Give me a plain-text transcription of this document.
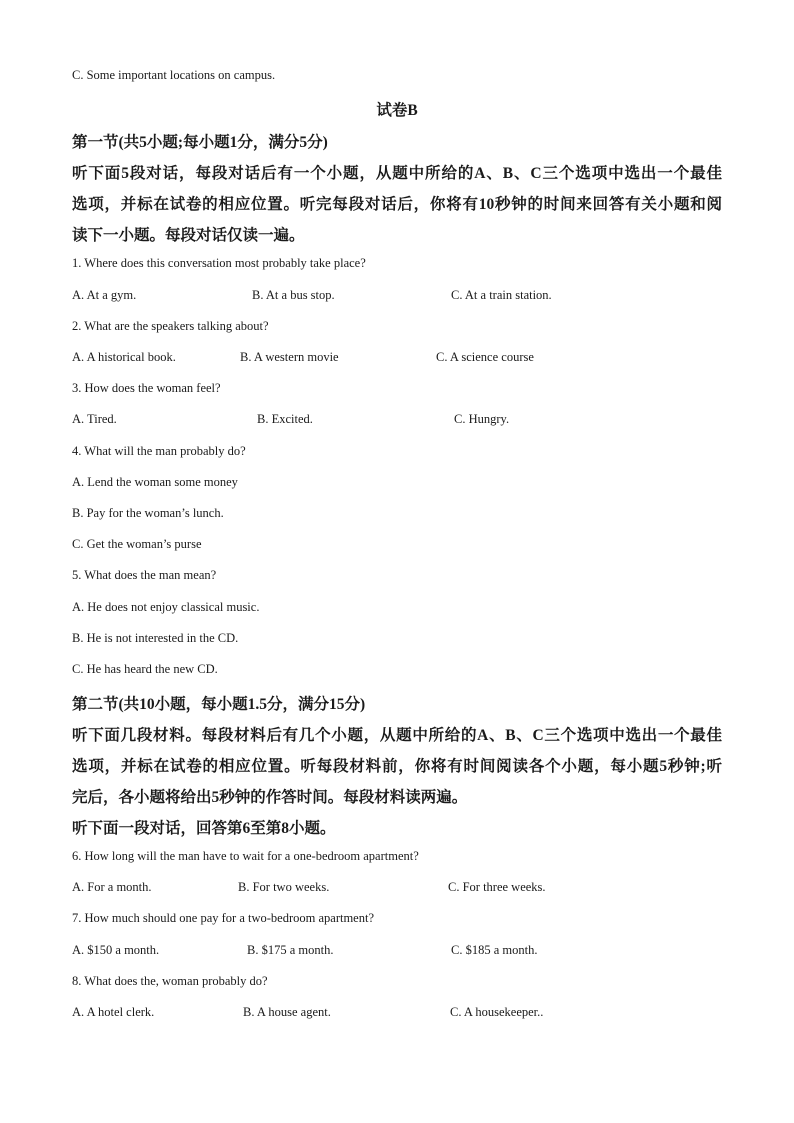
C. Some important locations on campus.
试卷B
第一节(共5小题;每小题1分，满分5分)
听下面5段对话，每段对话后有一个小题，从题中所给的A、B、C三个选项中选出一个最佳
选项，并标在试卷的相应位置。听完每段对话后，你将有10秒钟的时间来回答有关小题和阅
读下一小题。每段对话仅读一遍。
1. Where does this conversation most probably take place?
A. At a gym.	B. At a bus stop.	C. At a train station.
2. What are the speakers talking about?
A. A historical book.	B. A western movie	C. A science course
3. How does the woman feel?
A. Tired.	B. Excited.	C. Hungry.
4. What will the man probably do?
A. Lend the woman some money
B. Pay for the woman’s lunch.
C. Get the woman’s purse
5. What does the man mean?
A. He does not enjoy classical music.
B. He is not interested in the CD.
C. He has heard the new CD.
第二节(共10小题，每小题1.5分，满分15分)
听下面几段材料。每段材料后有几个小题，从题中所给的A、B、C三个选项中选出一个最佳
选项，并标在试卷的相应位置。听每段材料前，你将有时间阅读各个小题，每小题5秒钟;听
完后，各小题将给出5秒钟的作答时间。每段材料读两遍。
听下面一段对话，回答第6至第8小题。
6. How long will the man have to wait for a one-bedroom apartment?
A. For a month.	B. For two weeks.	C. For three weeks.
7. How much should one pay for a two-bedroom apartment?
A. $150 a month.	B. $175 a month.	C. $185 a month.
8. What does the, woman probably do?
A. A hotel clerk.	B. A house agent.	C. A housekeeper..
